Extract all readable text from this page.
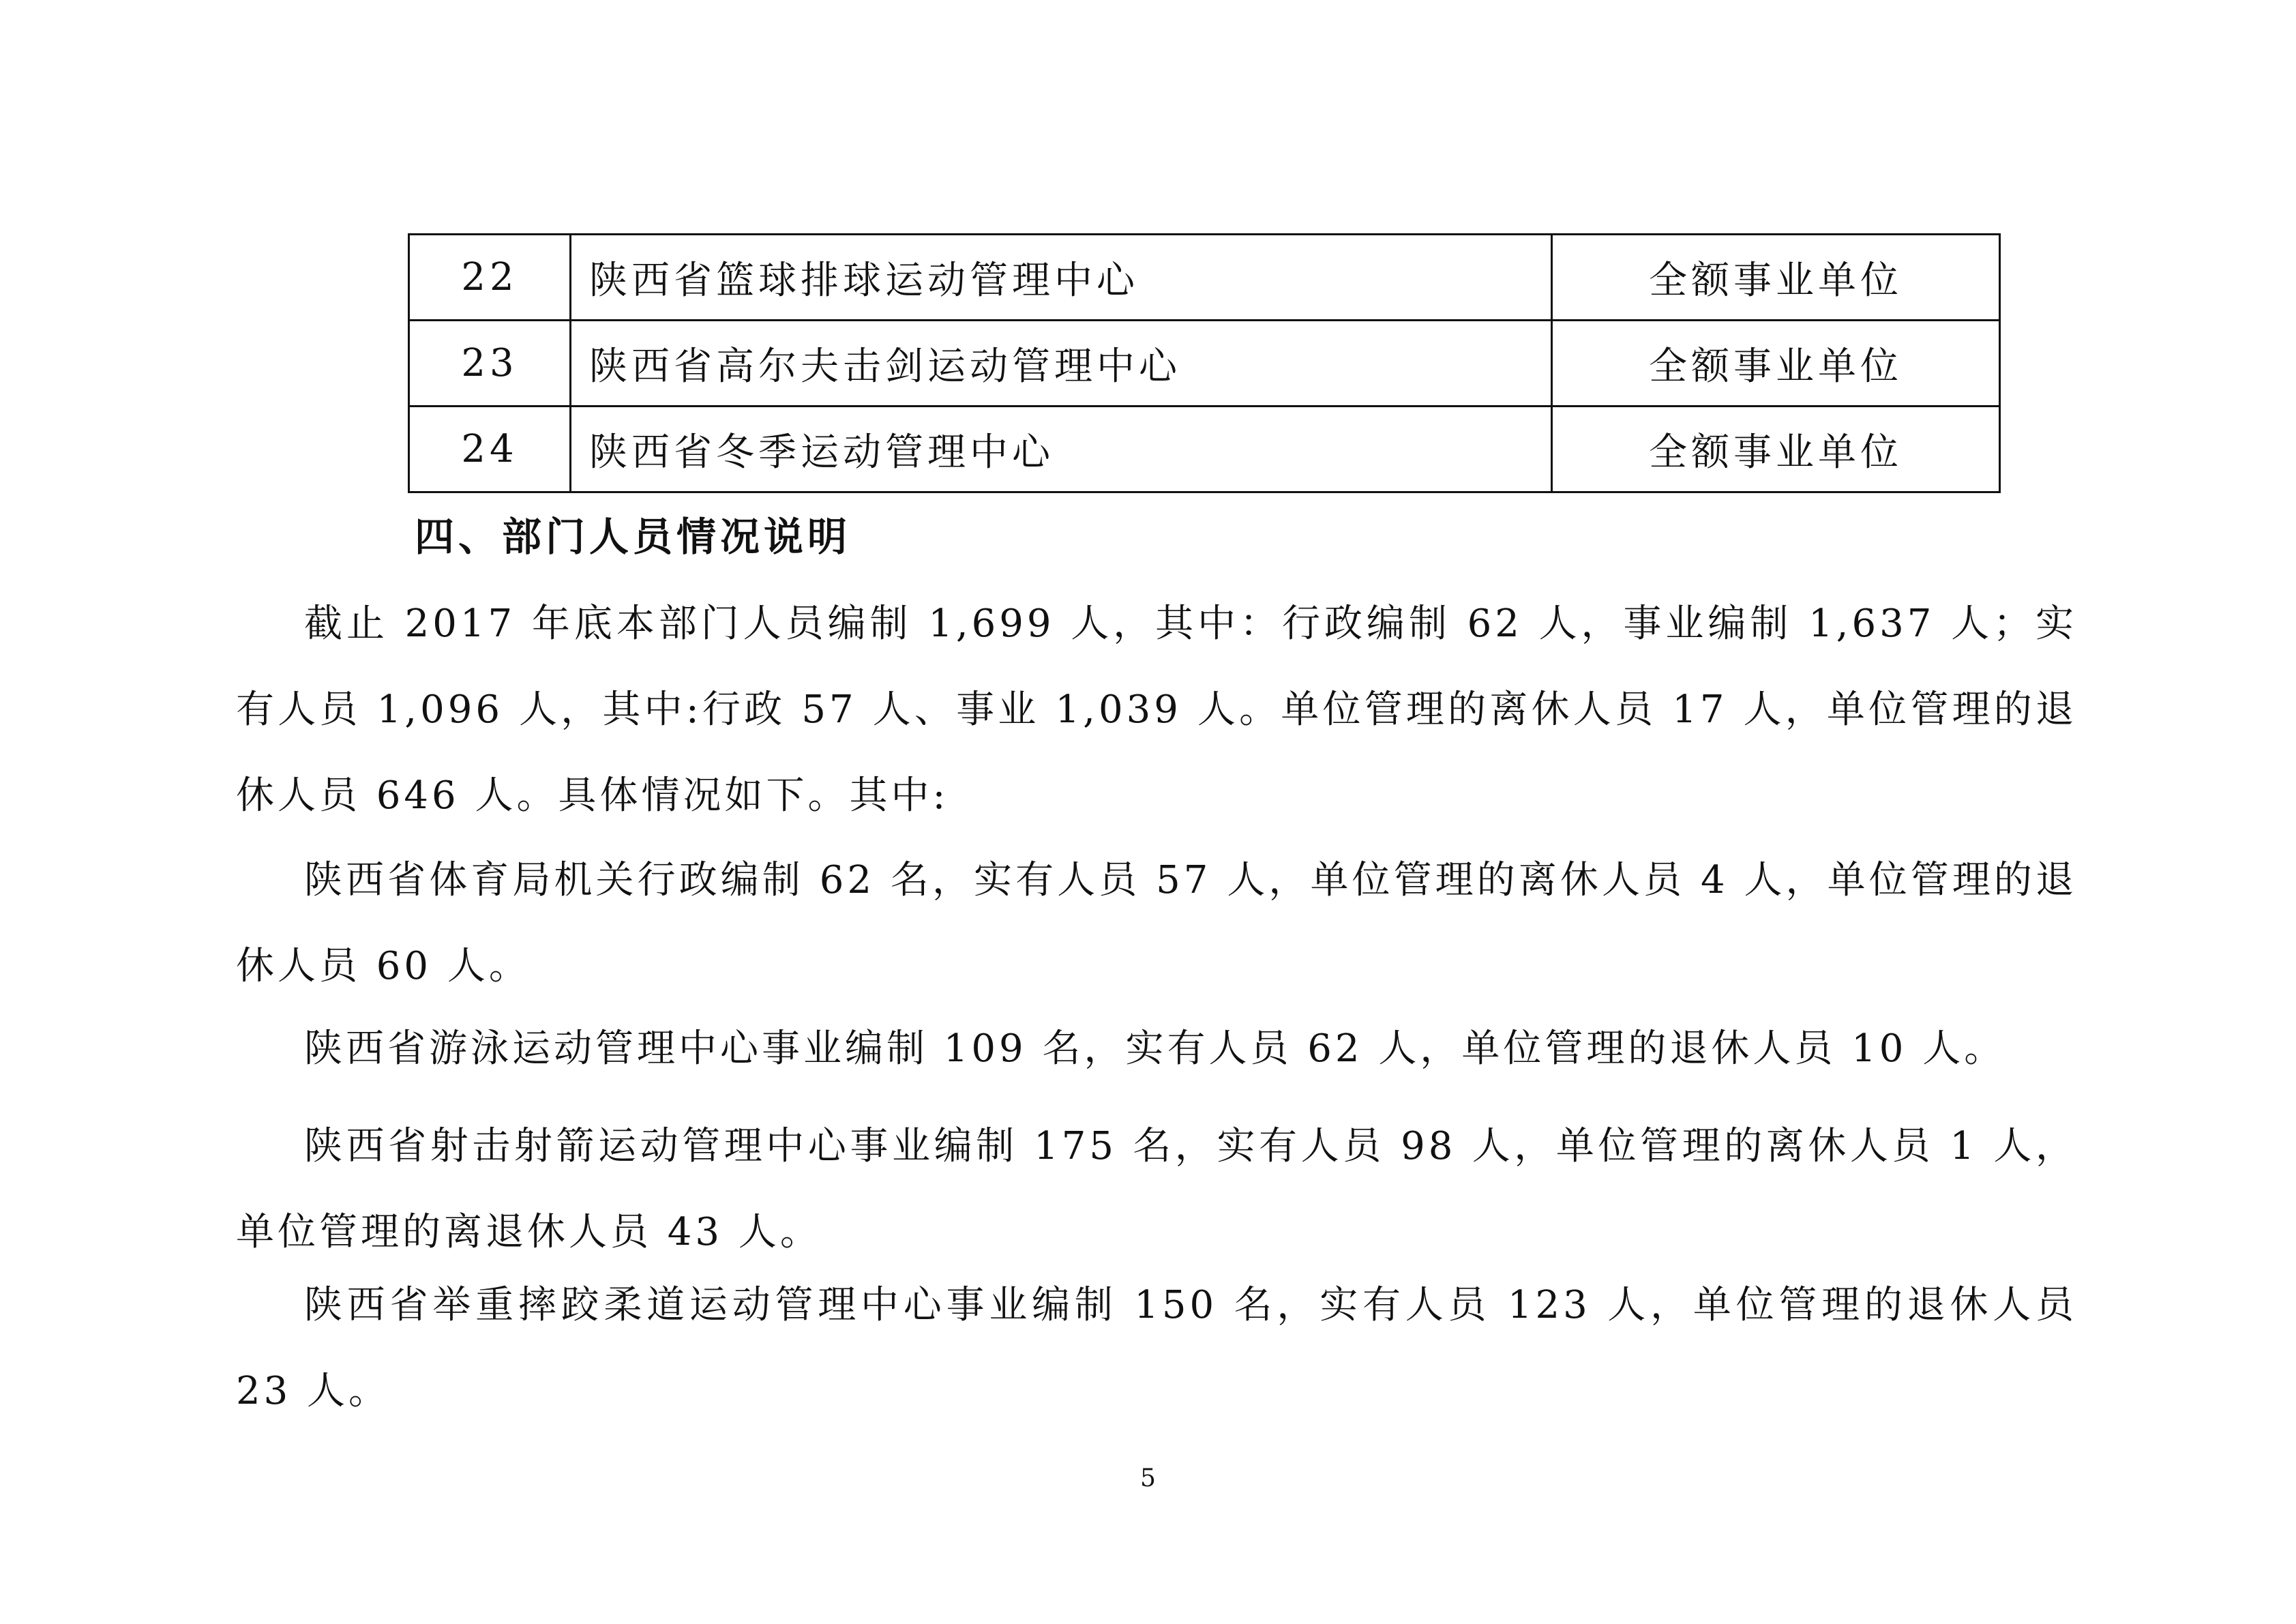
22	陕西省篮球排球运动管理中心	全额事业单位
23	陕西省高尔夫击剑运动管理中心	全额事业单位
24	陕西省冬季运动管理中心	全额事业单位
四、部门人员情况说明

截止 2017 年底本部门人员编制 1,699 人，其中：行政编制 62 人，事业编制 1,637 人；实有人员 1,096 人，其中:行政 57 人、事业 1,039 人。单位管理的离休人员 17 人，单位管理的退休人员 646 人。具体情况如下。其中:

陕西省体育局机关行政编制 62 名，实有人员 57 人，单位管理的离休人员 4 人，单位管理的退休人员 60 人。

陕西省游泳运动管理中心事业编制 109 名，实有人员 62 人，单位管理的退休人员 10 人。

陕西省射击射箭运动管理中心事业编制 175 名，实有人员 98 人，单位管理的离休人员 1 人，单位管理的离退休人员 43 人。

陕西省举重摔跤柔道运动管理中心事业编制 150 名，实有人员 123 人，单位管理的退休人员 23 人。

5
